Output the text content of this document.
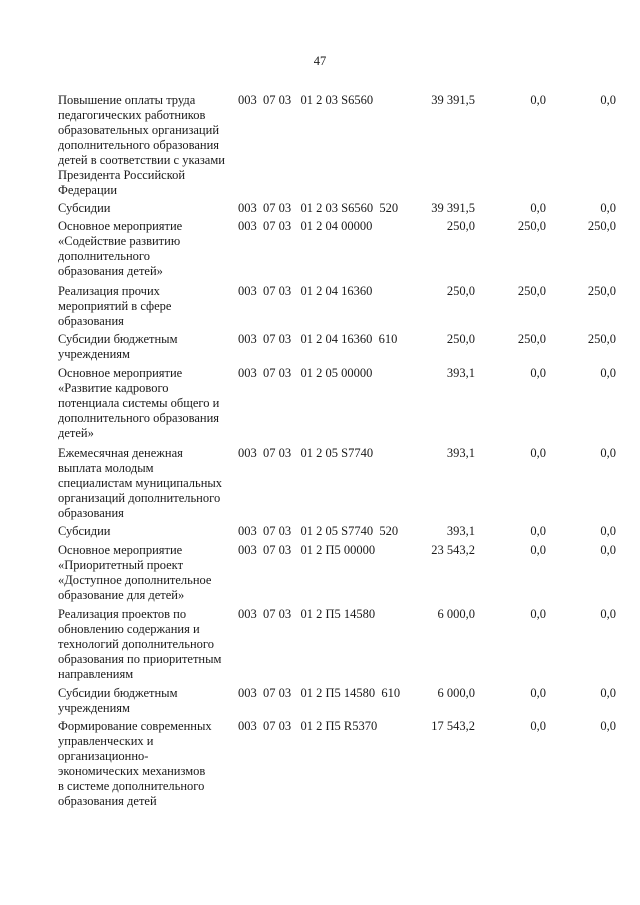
47
Повышение оплаты труда
педагогических работников
образовательных организаций
дополнительного образования
детей в соответствии с указами
Президента Российской
Федерации
003  07 03   01 2 03 S6560	39 391,5	0,0	0,0
Субсидии	003  07 03   01 2 03 S6560  520	39 391,5	0,0	0,0
Основное мероприятие
«Содействие развитию
дополнительного
образования детей»
003  07 03   01 2 04 00000	250,0	250,0	250,0
Реализация прочих
мероприятий в сфере
образования
003  07 03   01 2 04 16360	250,0	250,0	250,0
Субсидии бюджетным
учреждениям
003  07 03   01 2 04 16360  610	250,0	250,0	250,0
Основное мероприятие
«Развитие кадрового
потенциала системы общего и
дополнительного образования
детей»
003  07 03   01 2 05 00000	393,1	0,0	0,0
Ежемесячная денежная
выплата молодым
специалистам муниципальных
организаций дополнительного
образования
003  07 03   01 2 05 S7740	393,1	0,0	0,0
Субсидии	003  07 03   01 2 05 S7740  520	393,1	0,0	0,0
Основное мероприятие
«Приоритетный проект
«Доступное дополнительное
образование для детей»
003  07 03   01 2 П5 00000	23 543,2	0,0	0,0
Реализация проектов по
обновлению содержания и
технологий дополнительного
образования по приоритетным
направлениям
003  07 03   01 2 П5 14580	6 000,0	0,0	0,0
Субсидии бюджетным
учреждениям
003  07 03   01 2 П5 14580  610	6 000,0	0,0	0,0
Формирование современных
управленческих и
организационно-
экономических механизмов
в системе дополнительного
образования детей
003  07 03   01 2 П5 R5370	17 543,2	0,0	0,0
